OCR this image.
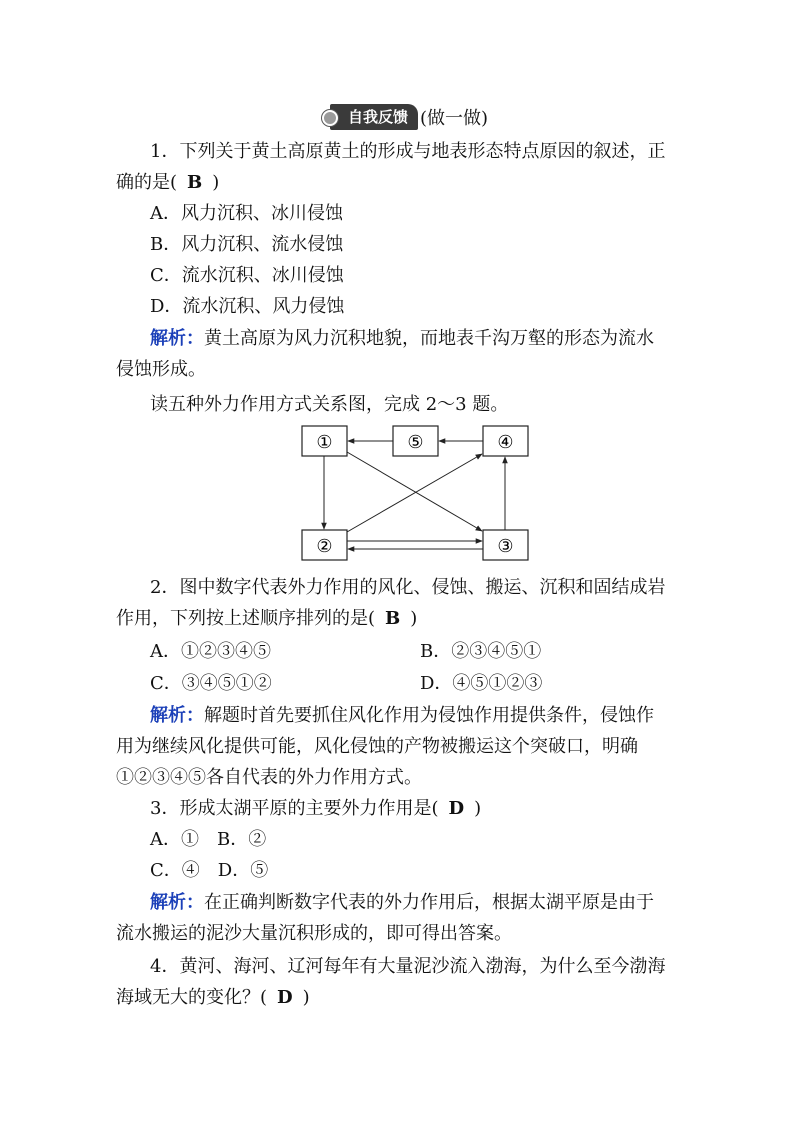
自我反馈 (做一做)
1．下列关于黄土高原黄土的形成与地表形态特点原因的叙述，正
确的是( B )
A．风力沉积、冰川侵蚀
B．风力沉积、流水侵蚀
C．流水沉积、冰川侵蚀
D．流水沉积、风力侵蚀
解析：黄土高原为风力沉积地貌，而地表千沟万壑的形态为流水
侵蚀形成。
读五种外力作用方式关系图，完成 2～3 题。
①	⑤	④
②	③
2．图中数字代表外力作用的风化、侵蚀、搬运、沉积和固结成岩
作用，下列按上述顺序排列的是( B )
A．①②③④⑤	B．②③④⑤①
C．③④⑤①②	D．④⑤①②③
解析：解题时首先要抓住风化作用为侵蚀作用提供条件，侵蚀作
用为继续风化提供可能，风化侵蚀的产物被搬运这个突破口，明确
①②③④⑤各自代表的外力作用方式。
3．形成太湖平原的主要外力作用是( D )
A．①　B．②
C．④　D．⑤
解析：在正确判断数字代表的外力作用后，根据太湖平原是由于
流水搬运的泥沙大量沉积形成的，即可得出答案。
4．黄河、海河、辽河每年有大量泥沙流入渤海，为什么至今渤海
海域无大的变化？( D )
